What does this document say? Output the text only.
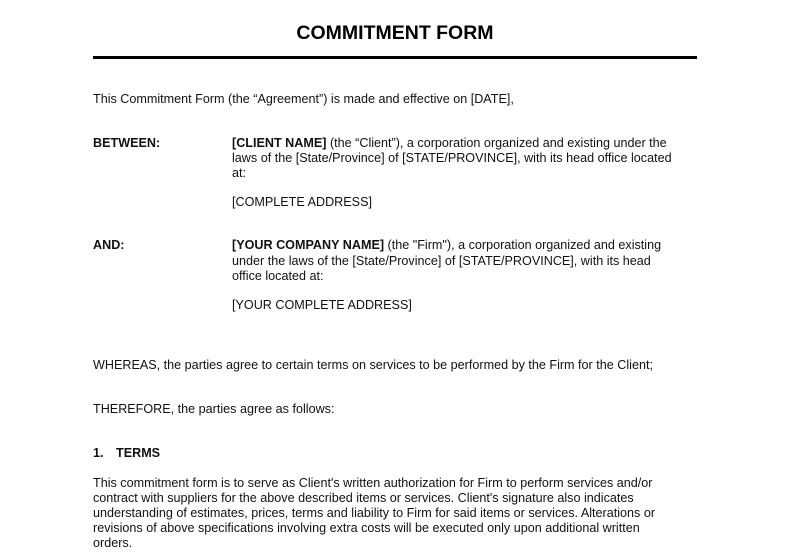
COMMITMENT FORM
This Commitment Form (the “Agreement”) is made and effective on [DATE],
BETWEEN:	[CLIENT NAME] (the “Client”), a corporation organized and existing under the
laws of the [State/Province] of [STATE/PROVINCE], with its head office located
at:
[COMPLETE ADDRESS]
AND:	[YOUR COMPANY NAME] (the "Firm"), a corporation organized and existing
under the laws of the [State/Province] of [STATE/PROVINCE], with its head
office located at:
[YOUR COMPLETE ADDRESS]
WHEREAS, the parties agree to certain terms on services to be performed by the Firm for the Client;
THEREFORE, the parties agree as follows:
1. TERMS
This commitment form is to serve as Client's written authorization for Firm to perform services and/or
contract with suppliers for the above described items or services. Client's signature also indicates
understanding of estimates, prices, terms and liability to Firm for said items or services. Alterations or
revisions of above specifications involving extra costs will be executed only upon additional written
orders.
